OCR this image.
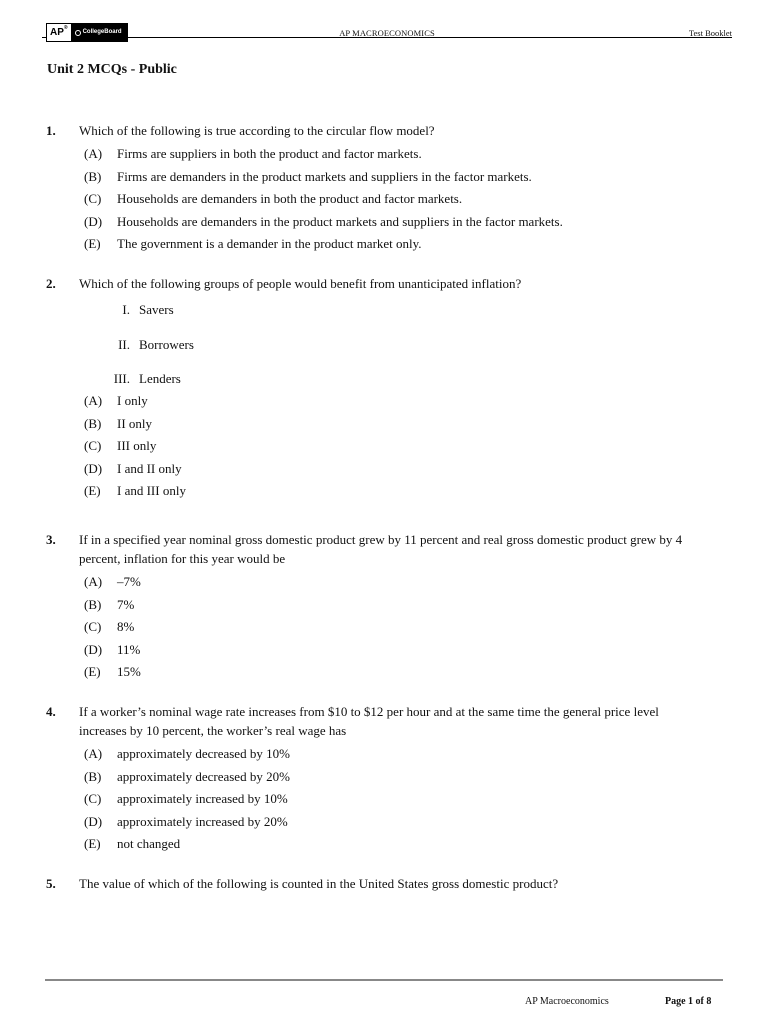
AP®
CollegeBoard	AP MACROECONOMICS	Test Booklet
Unit 2 MCQs - Public
1. Which of the following is true according to the circular flow model?
(A)	Firms are suppliers in both the product and factor markets.
(B)	Firms are demanders in the product markets and suppliers in the factor markets.
(C)	Households are demanders in both the product and factor markets.
(D)	Households are demanders in the product markets and suppliers in the factor markets.
(E)	The government is a demander in the product market only.
2. Which of the following groups of people would benefit from unanticipated inflation?
I. Savers
II. Borrowers
III. Lenders
(A)	I only
(B)	II only
(C)	III only
(D)	I and II only
(E)	I and III only
3. If in a specified year nominal gross domestic product grew by 11 percent and real gross domestic product grew by 4
percent, inflation for this year would be
(A)	–7%
(B)	7%
(C)	8%
(D)	11%
(E)	15%
4. If a worker’s nominal wage rate increases from $10 to $12 per hour and at the same time the general price level
increases by 10 percent, the worker’s real wage has
(A)	approximately decreased by 10%
(B)	approximately decreased by 20%
(C)	approximately increased by 10%
(D)	approximately increased by 20%
(E)	not changed
5. The value of which of the following is counted in the United States gross domestic product?
AP Macroeconomics	Page 1 of 8
